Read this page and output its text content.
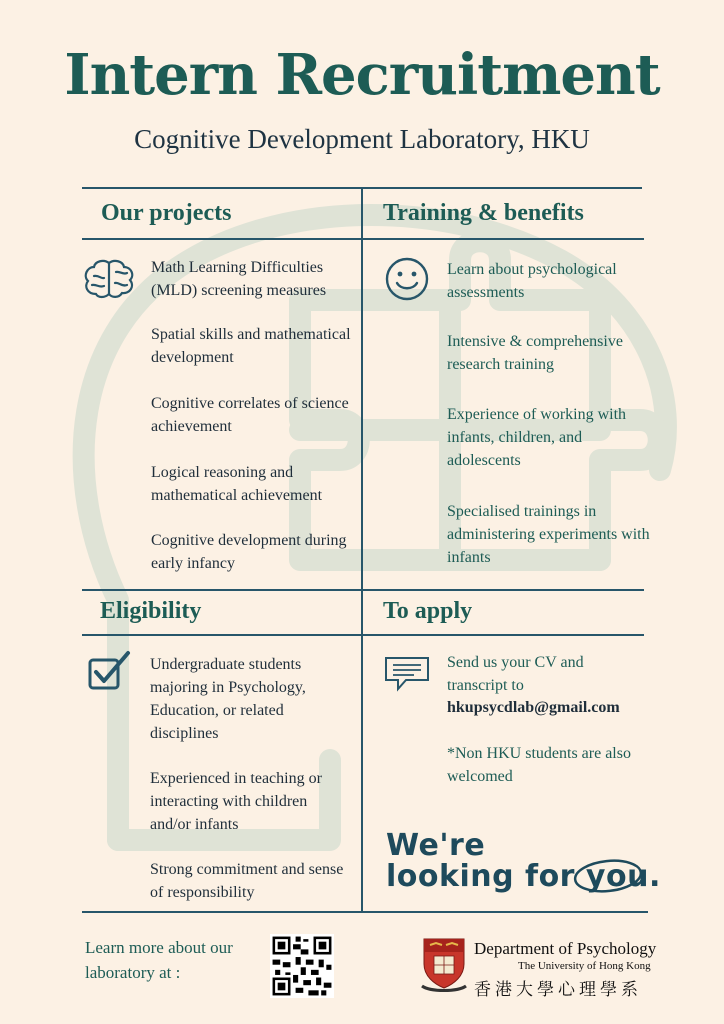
Intern Recruitment
Cognitive Development Laboratory, HKU
Our projects
Math Learning Difficulties (MLD) screening measures
Spatial skills and mathematical development
Cognitive correlates of science achievement
Logical reasoning and mathematical achievement
Cognitive development during early infancy
Training & benefits
Learn about psychological assessments
Intensive & comprehensive research training
Experience of working with infants, children, and adolescents
Specialised trainings in administering experiments with infants
Eligibility
Undergraduate students majoring in Psychology, Education, or related disciplines
Experienced in teaching or interacting with children and/or infants
Strong commitment and sense of responsibility
To apply
Send us your CV and transcript to
hkupsycdlab@gmail.com
*Non HKU students are also welcomed
We're
looking for you.
Learn more about our laboratory at :
Department of Psychology
The University of Hong Kong
香港大學心理學系
